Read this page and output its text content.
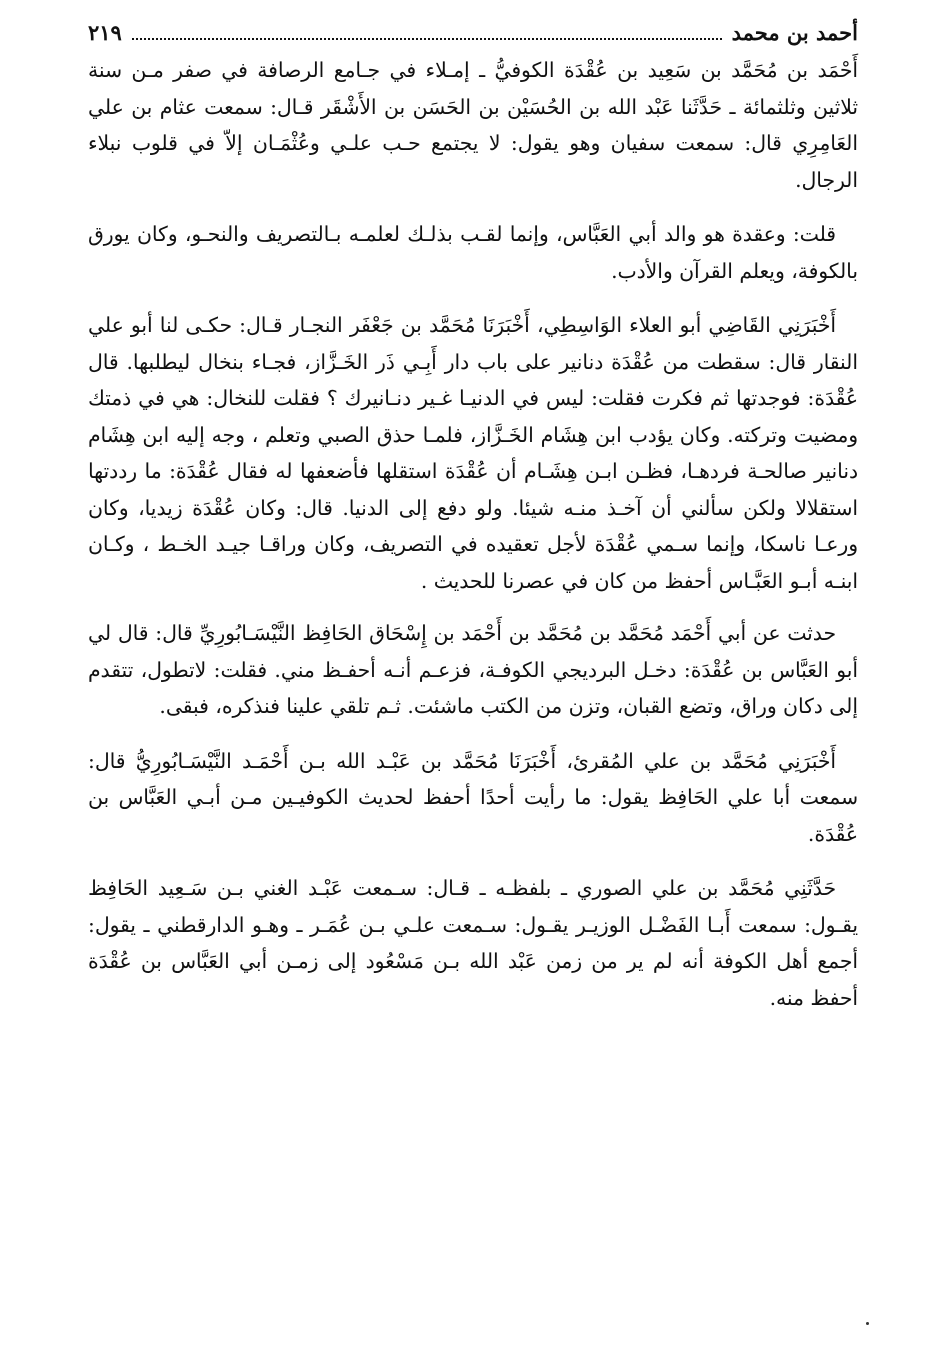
أحمد بن محمد
٢١٩

أَحْمَد بن مُحَمَّد بن سَعِيد بن عُقْدَة الكوفيُّ ـ إمـلاء في جـامع الرصافة في صفر مـن سنة ثلاثين وثلثمائة ـ حَدَّثَنا عَبْد الله بن الحُسَيْن بن الحَسَن بن الأَشْقَر قـال: سمعت عثام بن علي العَامِرِي قال: سمعت سفيان وهو يقول: لا يجتمع حـب علـي وعُثْمَـان إلاّ في قلوب نبلاء الرجال.

قلت: وعقدة هو والد أبي العَبَّاس، وإنما لقـب بذلـك لعلمـه بـالتصريف والنحـو، وكان يورق بالكوفة، ويعلم القرآن والأدب.

أَخْبَرَنِي القَاضِي أبو العلاء الوَاسِطِي، أَخْبَرَنَا مُحَمَّد بن جَعْفَر النجـار قـال: حكـى لنا أبو علي النقار قال: سقطت من عُقْدَة دنانير على باب دار أَبِـي ذَر الخَـزَّاز، فجـاء بنخال ليطلبها. قال عُقْدَة: فوجدتها ثم فكرت فقلت: ليس في الدنيـا غـير دنـانيرك ؟ فقلت للنخال: هي في ذمتك ومضيت وتركته. وكان يؤدب ابن هِشَام الخَـزَّاز، فلمـا حذق الصبي وتعلم ، وجه إليه ابن هِشَام دنانير صالحـة فردهـا، فظـن ابـن هِشَـام أن عُقْدَة استقلها فأضعفها له فقال عُقْدَة: ما رددتها استقلالا ولكن سألني أن آخـذ منـه شيئا. ولو دفع إلى الدنيا. قال: وكان عُقْدَة زيديا، وكان ورعـا ناسكا، وإنما سـمي عُقْدَة لأجل تعقيده في التصريف، وكان وراقـا جيـد الخـط ، وكـان ابنـه أبـو العَبَّـاس أحفظ من كان في عصرنا للحديث .

حدثت عن أبي أَحْمَد مُحَمَّد بن مُحَمَّد بن أَحْمَد بن إِسْحَاق الحَافِظ النَّيْسَـابُورِيِّ قال: قال لي أبو العَبَّاس بن عُقْدَة: دخـل البرديجي الكوفـة، فزعـم أنـه أحفـظ مني. فقلت: لاتطول، تتقدم إلى دكان وراق، وتضع القبان، وتزن من الكتب ماشئت. ثـم تلقي علينا فنذكره، فبقى.

أَخْبَرَنِي مُحَمَّد بن علي المُقرئ، أَخْبَرَنَا مُحَمَّد بن عَبْـد الله بـن أَحْمَـد النَّيْسَـابُورِيُّ قال: سمعت أبا علي الحَافِظ يقول: ما رأيت أحدًا أحفظ لحديث الكوفيـين مـن أبـي العَبَّاس بن عُقْدَة.

حَدَّثَنِي مُحَمَّد بن علي الصوري ـ بلفظـه ـ قـال: سـمعت عَبْـد الغني بـن سَـعِيد الحَافِظ يقـول: سمعت أَبـا الفَضْـل الوزيـر يقـول: سـمعت علـي بـن عُمَـر ـ وهـو الدارقطني ـ يقول: أجمع أهل الكوفة أنه لم ير من زمن عَبْد الله بـن مَسْعُود إلى زمـن أبي العَبَّاس بن عُقْدَة أحفظ منه.
